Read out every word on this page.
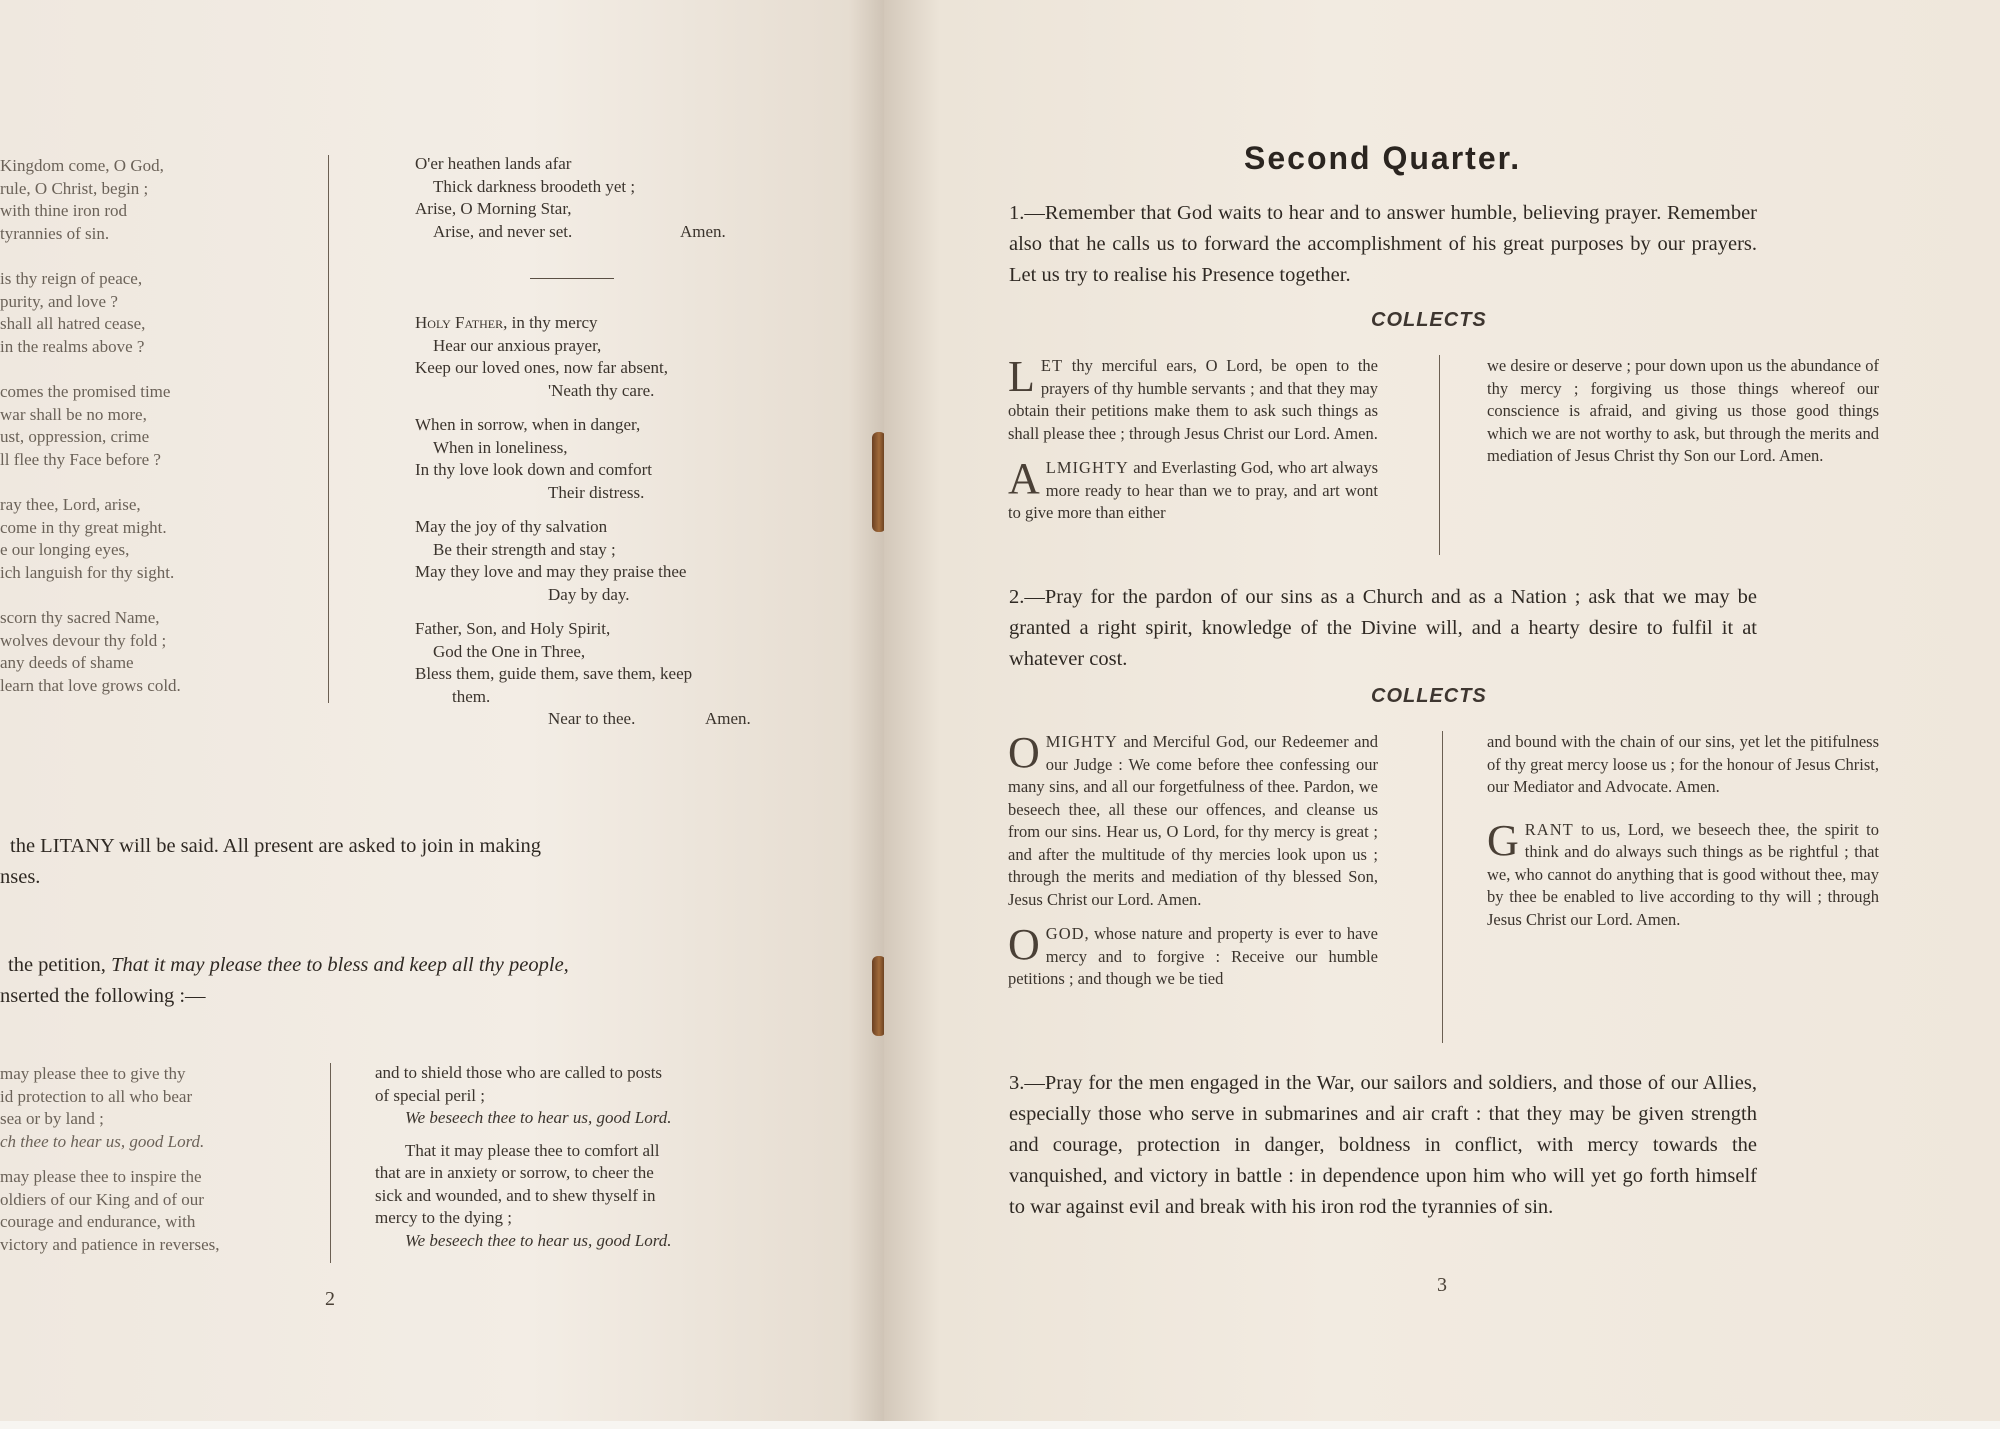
Kingdom come, O God,
rule, O Christ, begin ;
with thine iron rod
tyrannies of sin.
is thy reign of peace,
purity, and love ?
shall all hatred cease,
in the realms above ?
comes the promised time
war shall be no more,
ust, oppression, crime
ll flee thy Face before ?
ray thee, Lord, arise,
come in thy great might.
e our longing eyes,
ich languish for thy sight.
scorn thy sacred Name,
wolves devour thy fold ;
any deeds of shame
learn that love grows cold.
O'er heathen lands afar
Thick darkness broodeth yet ;
Arise, O Morning Star,
Arise, and never set.	Amen.
Holy Father, in thy mercy
Hear our anxious prayer,
Keep our loved ones, now far absent,
'Neath thy care.
When in sorrow, when in danger,
When in loneliness,
In thy love look down and comfort
Their distress.
May the joy of thy salvation
Be their strength and stay ;
May they love and may they praise thee
Day by day.
Father, Son, and Holy Spirit,
God the One in Three,
Bless them, guide them, save them, keep
them.
Near to thee.	Amen.
the LITANY will be said. All present are asked to join in making
nses.

the petition, That it may please thee to bless and keep all thy people,
nserted the following :—
may please thee to give thy
id protection to all who bear
sea or by land ;
ch thee to hear us, good Lord.
may please thee to inspire the
oldiers of our King and of our
courage and endurance, with
victory and patience in reverses,
and to shield those who are called to posts
of special peril ;
We beseech thee to hear us, good Lord.
That it may please thee to comfort all
that are in anxiety or sorrow, to cheer the
sick and wounded, and to shew thyself in
mercy to the dying ;
We beseech thee to hear us, good Lord.
2
Second Quarter.
1.—Remember that God waits to hear and to answer humble, believing prayer. Remember also that he calls us to forward the accomplishment of his great purposes by our prayers. Let us try to realise his Presence together.
COLLECTS

LET thy merciful ears, O Lord, be open to the prayers of thy humble servants ; and that they may obtain their petitions make them to ask such things as shall please thee ; through Jesus Christ our Lord. Amen.

ALMIGHTY and Everlasting God, who art always more ready to hear than we to pray, and art wont to give more than either

we desire or deserve ; pour down upon us the abundance of thy mercy ; forgiving us those things whereof our conscience is afraid, and giving us those good things which we are not worthy to ask, but through the merits and mediation of Jesus Christ thy Son our Lord. Amen.

2.—Pray for the pardon of our sins as a Church and as a Nation ; ask that we may be granted a right spirit, knowledge of the Divine will, and a hearty desire to fulfil it at whatever cost.
COLLECTS

OMIGHTY and Merciful God, our Redeemer and our Judge : We come before thee confessing our many sins, and all our forgetfulness of thee. Pardon, we beseech thee, all these our offences, and cleanse us from our sins. Hear us, O Lord, for thy mercy is great ; and after the multitude of thy mercies look upon us ; through the merits and mediation of thy blessed Son, Jesus Christ our Lord. Amen.

OGOD, whose nature and property is ever to have mercy and to forgive : Receive our humble petitions ; and though we be tied

and bound with the chain of our sins, yet let the pitifulness of thy great mercy loose us ; for the honour of Jesus Christ, our Mediator and Advocate. Amen.

GRANT to us, Lord, we beseech thee, the spirit to think and do always such things as be rightful ; that we, who cannot do anything that is good without thee, may by thee be enabled to live according to thy will ; through Jesus Christ our Lord. Amen.

3.—Pray for the men engaged in the War, our sailors and soldiers, and those of our Allies, especially those who serve in submarines and air craft : that they may be given strength and courage, protection in danger, boldness in conflict, with mercy towards the vanquished, and victory in battle : in dependence upon him who will yet go forth himself to war against evil and break with his iron rod the tyrannies of sin.
3
